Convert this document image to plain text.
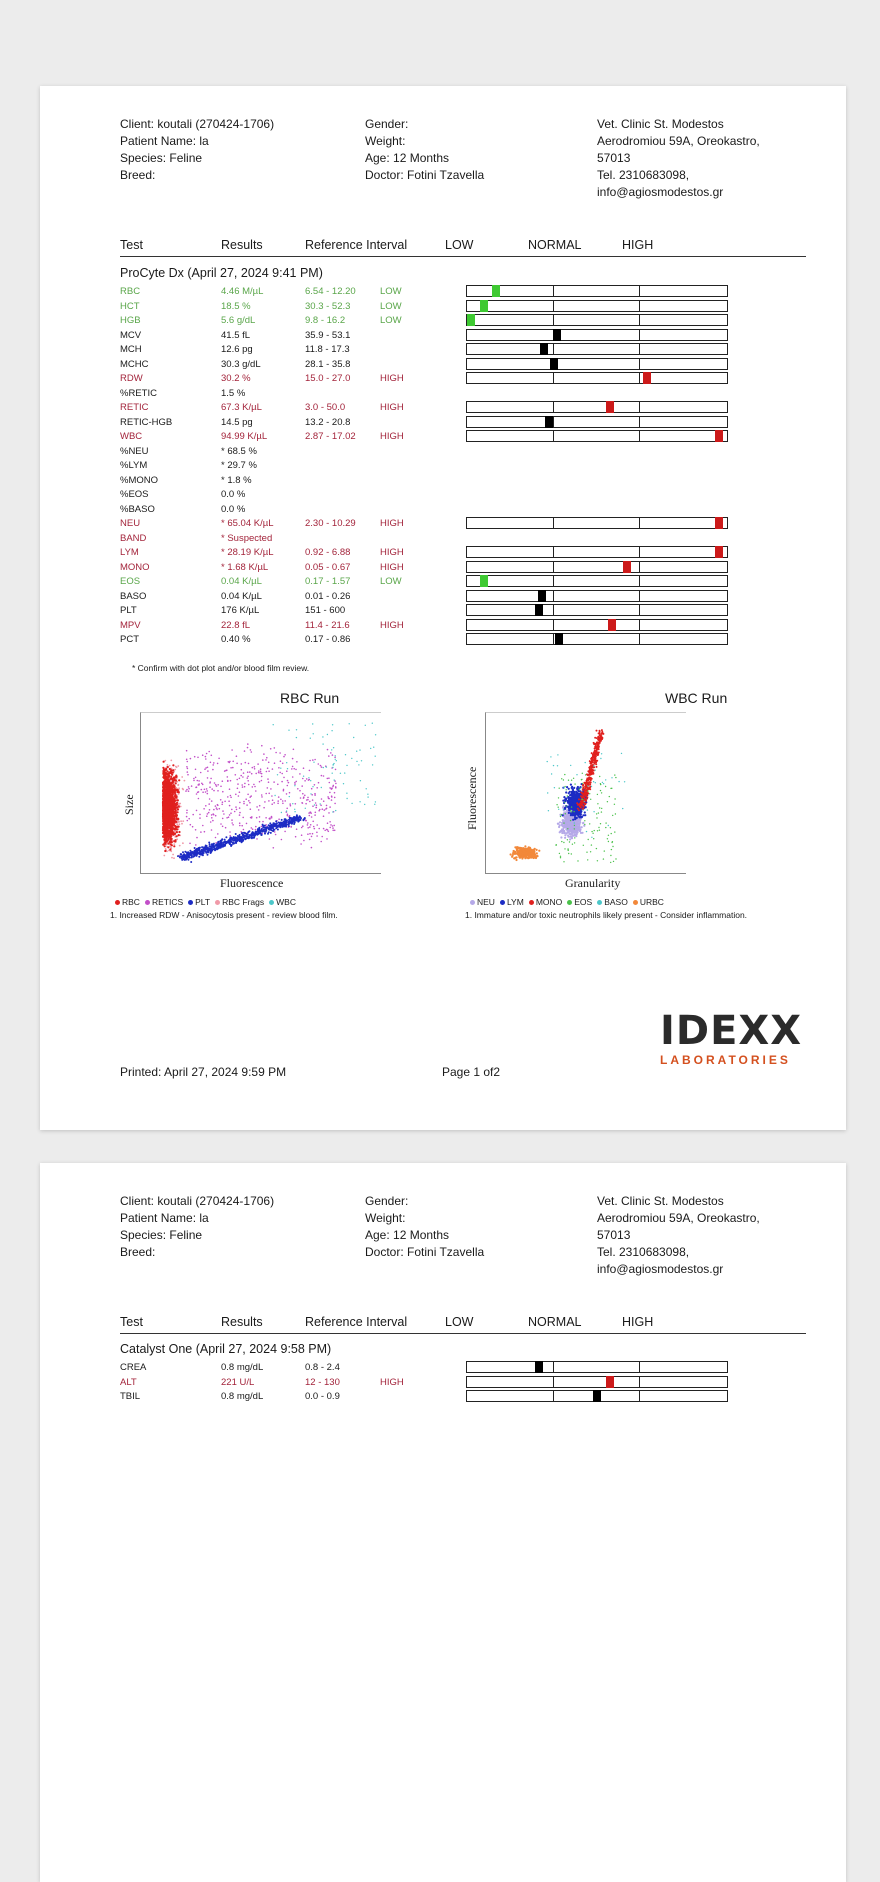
Client: koutali (270424-1706)
Patient Name: la
Species: Feline
Breed:
Gender:
Weight:
Age: 12 Months
Doctor: Fotini Tzavella
Vet. Clinic St. Modestos
Aerodromiou 59A, Oreokastro,
57013
Tel. 2310683098,
info@agiosmodestos.gr
Test	Results	Reference Interval	LOW	NORMAL	HIGH
ProCyte Dx (April 27, 2024 9:41 PM)
RBC	4.46 M/µL	6.54 - 12.20	LOW
HCT	18.5 %	30.3 - 52.3	LOW
HGB	5.6 g/dL	9.8 - 16.2	LOW
MCV	41.5 fL	35.9 - 53.1
MCH	12.6 pg	11.8 - 17.3
MCHC	30.3 g/dL	28.1 - 35.8
RDW	30.2 %	15.0 - 27.0	HIGH
%RETIC	1.5 %
RETIC	67.3 K/µL	3.0 - 50.0	HIGH
RETIC-HGB	14.5 pg	13.2 - 20.8
WBC	94.99 K/µL	2.87 - 17.02	HIGH
%NEU	* 68.5 %
%LYM	* 29.7 %
%MONO	* 1.8 %
%EOS	0.0 %
%BASO	0.0 %
NEU	* 65.04 K/µL	2.30 - 10.29	HIGH
BAND	* Suspected
LYM	* 28.19 K/µL	0.92 - 6.88	HIGH
MONO	* 1.68 K/µL	0.05 - 0.67	HIGH
EOS	0.04 K/µL	0.17 - 1.57	LOW
BASO	0.04 K/µL	0.01 - 0.26
PLT	176 K/µL	151 - 600
MPV	22.8 fL	11.4 - 21.6	HIGH
PCT	0.40 %	0.17 - 0.86
* Confirm with dot plot and/or blood film review.
RBC Run
Size
Fluorescence
RBC RETICS PLT RBC Frags WBC
1. Increased RDW - Anisocytosis present - review blood film.
WBC Run
Fluorescence
Granularity
NEU LYM MONO EOS BASO URBC
1. Immature and/or toxic neutrophils likely present - Consider inflammation.
Printed: April 27, 2024 9:59 PM	Page 1 of2
IDEXX
LABORATORIES
Client: koutali (270424-1706)
Patient Name: la
Species: Feline
Breed:
Gender:
Weight:
Age: 12 Months
Doctor: Fotini Tzavella
Vet. Clinic St. Modestos
Aerodromiou 59A, Oreokastro,
57013
Tel. 2310683098,
info@agiosmodestos.gr
Test	Results	Reference Interval	LOW	NORMAL	HIGH
Catalyst One (April 27, 2024 9:58 PM)
CREA	0.8 mg/dL	0.8 - 2.4
ALT	221 U/L	12 - 130	HIGH
TBIL	0.8 mg/dL	0.0 - 0.9
